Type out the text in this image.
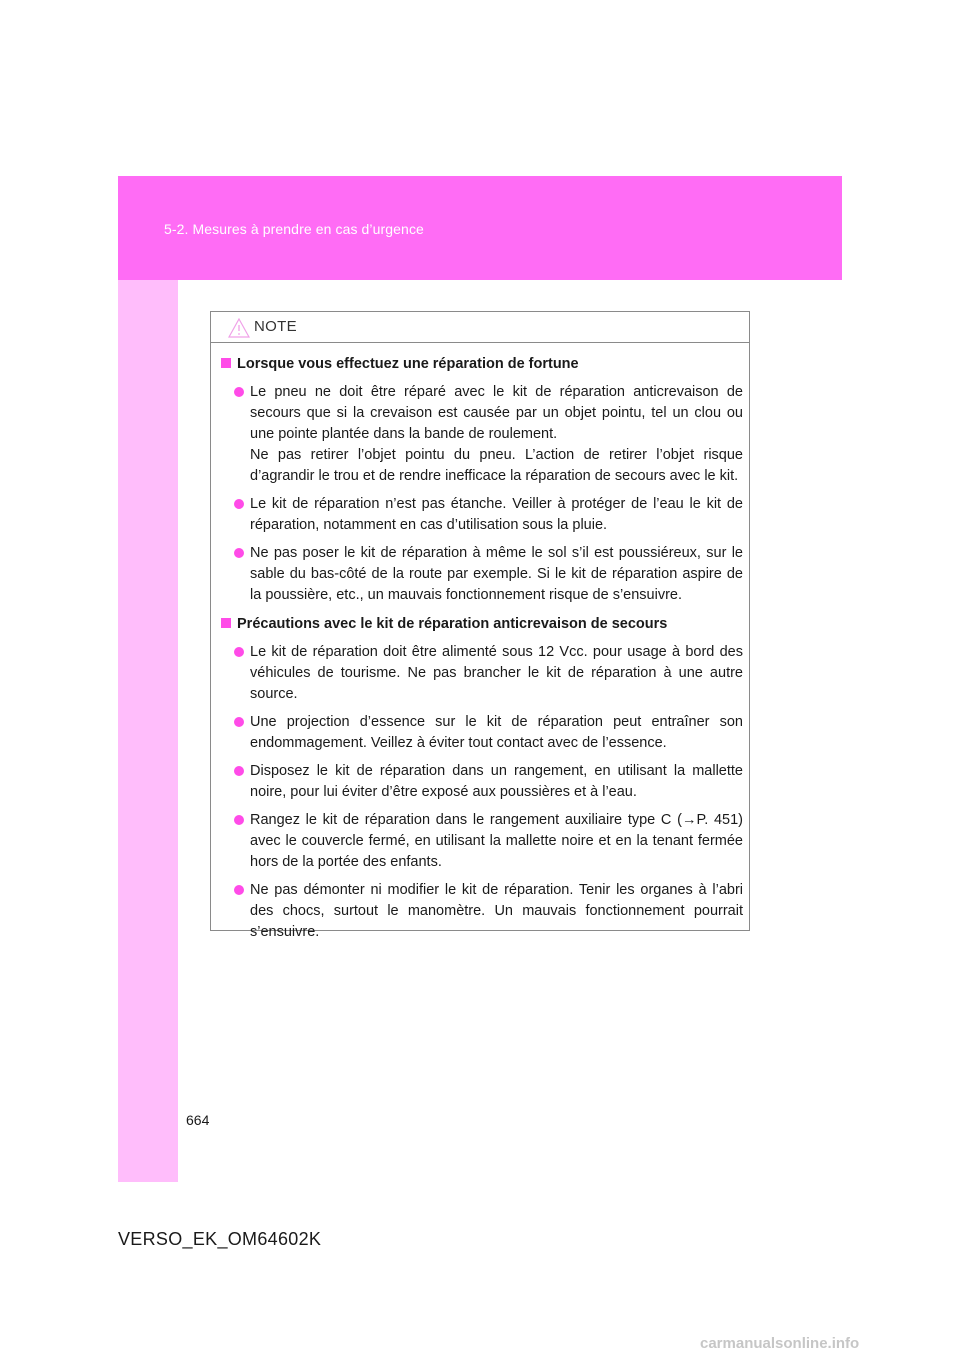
5-2. Mesures à prendre en cas d’urgence
NOTE
Lorsque vous effectuez une réparation de fortune

Le pneu ne doit être réparé avec le kit de réparation anticrevaison de secours que si la crevaison est causée par un objet pointu, tel un clou ou une pointe plantée dans la bande de roulement.

Ne pas retirer l’objet pointu du pneu. L’action de retirer l’objet risque d’agrandir le trou et de rendre inefficace la réparation de secours avec le kit.

Le kit de réparation n’est pas étanche. Veiller à protéger de l’eau le kit de réparation, notamment en cas d’utilisation sous la pluie.

Ne pas poser le kit de réparation à même le sol s’il est poussiéreux, sur le sable du bas-côté de la route par exemple. Si le kit de réparation aspire de la poussière, etc., un mauvais fonctionnement risque de s’ensuivre.

Précautions avec le kit de réparation anticrevaison de secours

Le kit de réparation doit être alimenté sous 12 Vcc. pour usage à bord des véhicules de tourisme. Ne pas brancher le kit de réparation à une autre source.

Une projection d’essence sur le kit de réparation peut entraîner son endommagement. Veillez à éviter tout contact avec de l’essence.

Disposez le kit de réparation dans un rangement, en utilisant la mallette noire, pour lui éviter d’être exposé aux poussières et à l’eau.

Rangez le kit de réparation dans le rangement auxiliaire type C (→P. 451) avec le couvercle fermé, en utilisant la mallette noire et en la tenant fermée hors de la portée des enfants.

Ne pas démonter ni modifier le kit de réparation. Tenir les organes à l’abri des chocs, surtout le manomètre. Un mauvais fonctionnement pourrait s’ensuivre.

664
VERSO_EK_OM64602K
carmanualsonline.info
